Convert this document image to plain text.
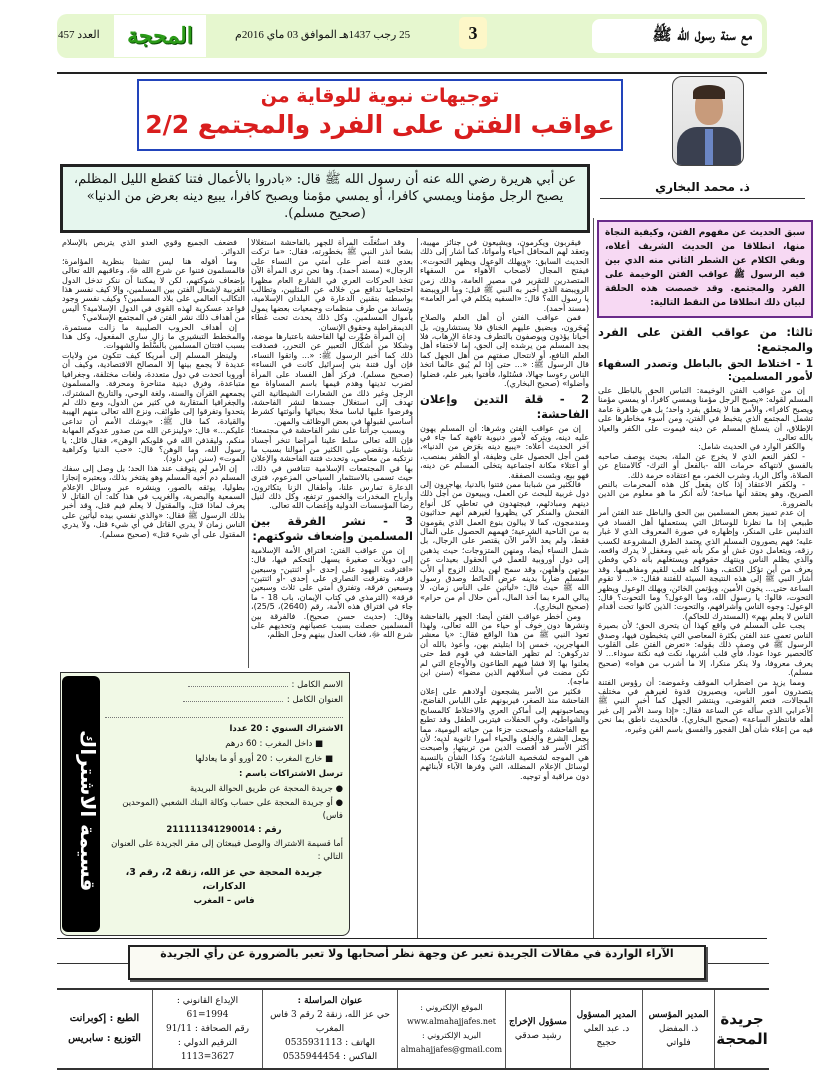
مع سنة رسول الله ﷺ
3
25 رجب 1437هـ الموافق 03 ماي 2016م
المحجة
العدد 457
توجيهات نبوية للوقاية من
عواقب الفتن على الفرد والمجتمع 2/2
ذ. محمد البخاري
عن أبي هريرة رضي الله عنه أن رسول الله ﷺ قال: «بادروا بالأعمال فتنا كقطع الليل المظلم، يصبح الرجل مؤمنا ويمسي كافرا، أو يمسي مؤمنا ويصبح كافرا، يبيع دينه بعرض من الدنيا» (صحيح مسلم).
سبق الحديث عن مفهوم الفتن، وكيفية النجاة منها، انطلاقا من الحديث الشريف أعلاه، وبقي الكلام عن الشطر الثاني منه الذي بين فيه الرسول ﷺ عواقب الفتن الوخيمة على الفرد والمجتمع. وقد خصصت هذه الحلقة لبيان ذلك انطلاقا من النقط التالية:
ثالثا: من عواقب الفتن على الفرد والمجتمع:
1 - اختلاط الحق بالباطل وتصدر السفهاء لأمور المسلمين:

إن من عواقب الفتن الوخيمة: التباس الحق بالباطل على المسلم لقوله: «يصبح الرجل مؤمنا ويمسي كافرا، أو يمسي مؤمنا ويصبح كافرا»، والأمر هنا لا يتعلق بفرد واحد؛ بل هي ظاهرة عامة تشمل المجتمع الذي يتخبط في الفتن، ومن أسوء مخاطرها على الإطلاق، أن ينسلخ المسلم عن دينه فيموت على الكفر والعياذ بالله تعالى.

والكفر الوارد في الحديث شامل:

- لكفر النعم الذي لا يخرج عن الملة، بحيث يوصف صاحبه بالفسق لانتهاكه حرمات الله -بالفعل أو الترك- كالامتناع عن الصلاة، وأكل الربا، وشرب الخمر، مع اعتقاده حرمة ذلك.

- ولكفر الاعتقاد إذا كان يفعل كل هذه المحرمات بالنص الصريح، وهو يعتقد أنها مباحة؛ لأنه أنكر ما هو معلوم من الدين بالضرورة.

إن عدم تمييز بعض المسلمين بين الحق والباطل عند الفتن أمر طبيعي إذا ما نظرنا للوسائل التي يستعملها أهل الفساد في التدليس على المنكر، وإظهاره في صورة المعروف الذي لا غبار عليه؛ فهم يصورون المسلم الذي يعتمد الطرق المشروعة لكسب رزقه، ويتعامل دون غش أو مكر بأنه غبي ومغفل لا يدرك واقعه، والذي يظلم الناس وينتهك حقوقهم ويستغلهم بأنه ذكي وفطن يعرف من أين تؤكل الكتف، وهذا كله قلب للقيم ومفاهيمها. وقد أشار النبي ﷺ إلى هذه النتيجة السيئة للفتنة فقال: «... لا تقوم الساعة حتى... يخون الأمين، ويؤتمن الخائن، ويهلك الوعول ويظهر التحوت، قالوا: يا رسول الله، وما الوعول؟ وما التحوت؟ قال: الوعول: وجوه الناس وأشرافهم، والتحوت: الذين كانوا تحت أقدام الناس لا يعلم بهم» (المستدرك للحاكم).

يجب على المسلم في واقع كهذا أن يتحرى الحق؛ لأن بصيرة الناس تعمى عند الفتن بكثرة المعاصي التي يتخبطون فيها، وصدق الرسول ﷺ في وصف ذلك بقوله: «تعرض الفتن على القلوب كالحصير عودا عودا، فأي قلب أشربها، نكت فيه نكتة سوداء... لا يعرف معروفا، ولا ينكر منكرا، إلا ما أشرب من هواه» (صحيح مسلم).

ومما يزيد من اضطراب الموقف وغموضه: أن رؤوس الفتنة يتصدرون أمور الناس، ويصيرون قدوة لغيرهم في مختلف المجالات، فتعم الفوضى، وينتشر الجهل كما أخبر النبي ﷺ الأعرابي الذي سأله عن الساعة فقال: «إذا وسد الأمر إلى غير أهله فانتظر الساعة» (صحيح البخاري). فالحديث ناطق بما نحن فيه من إعلاء شأن أهل الفجور والفسق باسم الفن وغيره،

فيقربون ويكرمون، ويشيعون في جنائز مهيبة، وتعقد لهم المحافل أحياء وأمواتا، كما أشار إلى ذلك الحديث السابق: «ويهلك الوعول ويظهر التحوت». فيفتح المجال لأصحاب الأهواء من السفهاء المتصدرين للتقرير في مصير العامة، وذلك زمن الرويبضة الذي أخبر به النبي ﷺ قيل: وما الرويبضة يا رسول الله؟ قال: «السفيه يتكلم في أمر العامة» (مسند أحمد).

فمن عواقب الفتن أن أهل العلم والصلاح يُهجَرون، ويضيق عليهم الخناق فلا يستشارون، بل أحيانا يؤذون ويوصفون بالتطرف ودعاة الإرهاب، فلا يجد المسلم من يرشده إلى الحق، إما لاختفاء أهل العلم النافع، أو لانتحال صفتهم من أهل الجهل كما قال الرسول ﷺ: «... حتى إذا لم يُبق عالما اتخذ الناس رءوسا جهالا، فسُئلوا، فأفتوا بغير علم، فضلوا وأضلوا» (صحيح البخاري).

2 - قلة التدين وإعلان الفاحشة:

إن من عواقب الفتن وشرها: أن المسلم يهون عليه دينه، ويتركه لأمور دنيوية تافهة كما جاء في آخر الحديث أعلاه: «يبيع دينه بعَرَض من الدنيا»، فمن أجل الحصول على وظيفة، أو الظفر بمنصب، أو اعتلاء مكانة اجتماعية يتخلى المسلم عن دينه، فهو بيع، وبئست الصفقة.

فالكثير من شبابنا ممن فتنوا بالدنيا، يهاجرون إلى دول غربية للبحث عن العمل، ويبيعون من أجل ذلك دينهم ومبادئهم، فيجتهدون في تعاطي كل أنواع الفحش والمنكر كي يظهروا لغيرهم أنهم حداثيون ومندمجون، كما لا يبالون بنوع العمل الذي يقومون به من الناحية الشرعية؛ فهمهم الحصول على المال فقط، ولم يعد الأمر الآن يقتصر على الرجال، بل شمل النساء أيضا، ومنهن المتزوجات؛ حيث يذهبن إلى دول أوروبية للعمل في الحقول بعيدات عن بيوتهن وأهلهن، وقد سمح لهن بذلك الزوج أو الأب المسلم ضاربا بدينه عرض الحائط وصدق رسول الله ﷺ حيث قال: «ليأتين على الناس زمان، لا يبالي المرء بما أخذ المال، أمن حلال أم من حرام» (صحيح البخاري).

ومن أخطر عواقب الفتن أيضا: الجهر بالفاحشة ونشرها دون خوف أو حياء من الله تعالى، ولهذا تعوذ النبي ﷺ من هذا الواقع فقال: «يا معشر المهاجرين، خمس إذا ابتليتم بهن، وأعوذ بالله أن تدركوهن: لم تظهر الفاحشة في قوم قط حتى يعلنوا بها إلا فشا فيهم الطاعون والأوجاع التي لم تكن مضت في أسلافهم الذين مضوا» (سنن ابن ماجه).

فكثير من الأسر يشجعون أولادهم على إعلان الفاحشة منذ الصغر، فيربونهم على اللباس الفاضح، ويصاحبونهم إلى أماكن العري والاختلاط كالمسابح والشواطئ، وفي الحفلات فيتربى الطفل وقد تطبع مع الفاحشة، وأصبحت جزءا من حياته اليومية، مما يجعل الشرع والخلق والحياء أمورا ثانوية لديه؛ لأن أكثر الأسر قد أقصت الدين من تربيتها، وأصبحت هي الموجه لشخصية الناشئ؛ وكذا الشأن بالنسبة لوسائل الإعلام المضللة، التي وفرها الآباء لأبنائهم دون مراقبة أو توجيه.

وقد استُغلّت المرأة للجهر بالفاحشة استغلالا بشعا أنذر النبي ﷺ بخطورته، فقال: «ما تركت بعدي فتنة أضر على أمتي من النساء على الرجال» (مسند أحمد). وها نحن نرى المرأة الآن تتخذ الحركات العري في الشارع العام مظهرا احتجاجيا تدافع من خلاله عن المثليين، وتطالب بواسطته بتقنين الدعارة في البلدان الإسلامية، وتساند من طرف منظمات وجمعيات بعضها يمول بأموال المسلمين. وكل ذلك يحدث تحت غطاء الديمقراطية وحقوق الإنسان.

إن المرأة صُوِّرت لها الفاحشة باعتبارها موضة، وشكلا من أشكال التعبير عن التحرر، فصدقت ذلك كما أخبر الرسول ﷺ: «... واتقوا النساء، فإن أول فتنة بني إسرائيل كانت في النساء» (صحيح مسلم). فركز أهل الفساد على المرأة لضرب تدينها وهدم قيمها باسم المساواة مع الرجل وغير ذلك من الشعارات الشيطانية التي تهدف إلى استغلال جسدها لنشر الفاحشة، وفرضوا عليها لباسا مخلا بحيائها وأنوثتها كشرط أساسي لقبولها في بعض الوظائف والمهن.

وبسبب جرأتنا على نشر الفاحشة في مجتمعنا؛ فإن الله تعالى سلط علينا أمراضا تنخر أجساد شبابنا، وتقضي على الكثير من أموالنا بسبب ما نرتكبه من معاصي، وتحدث فتنة الفاحشة والإعلان بها في المجتمعات الإسلامية تتنافس في ذلك، حيث تسمى بالاستثمار السياحي المزعوم، فترى الدعارة تمارس علنا، وأطفال الزنا يتكاثرون، وأرباح المخدرات والخمور ترتفع، وكل ذلك لنيل رضا المؤسسات الدولية وإغضاب الله تعالى.

3 - نشر الفرقة بين المسلمين وإضعاف شوكتهم:

إن من عواقب الفتن: افتراق الأمة الإسلامية إلى دويلات صغيرة يسهل التحكم فيها، قال: «افترقت اليهود على إحدى -أو اثنتين- وسبعين فرقة، وتفرقت النصارى على إحدى -أو اثنتين- وسبعين فرقة، وتفترق أمتي على ثلاث وسبعين فرقة» (الترمذي في كتاب الإيمان، باب 18 - ما جاء في افتراق هذه الأمة، رقم (2640)، 25/5)، وقال: (حديث حسن صحيح). فالفرقة بين المسلمين حصلت بسبب عصيانهم وتحديهم على شرع الله ﷻ، فغاب العدل بينهم وحل الظلم،

فضعف الجميع وقوي العدو الذي يتربص بالإسلام الدوائر.

وما أقوله هنا ليس تشبثا بنظرية المؤامرة؛ فالمسلمون فتنوا عن شرع الله ﷻ، وعاقبهم الله تعالى بإضعاف شوكتهم، لكن لا يمكننا أن ننكر تدخل الدول الغربية لإشعال الفتن بين المسلمين، وإلا كيف نفسر هذا التكالب العالمي على بلاد المسلمين؟ وكيف نفسر وجود قواعد عسكرية لهذه القوى في الدول الإسلامية؟ أليس من أهداف ذلك نشر الفتن في المجتمع الإسلامي؟

إن أهداف الحروب الصليبية ما زالت مستمرة، والمخطط التبشيري ما زال ساري المفعول، وكل هذا بسبب افتتان المسلمين بالسُّلَط والشهوات.

ولينظر المسلم إلى أمريكا كيف تتكون من ولايات عديدة لا يجمع بينها إلا المصالح الاقتصادية، وكيف أن أوروبا اتحدت في دول متعددة، ولغات مختلفة، وجغرافيا متباعدة، وفرق دينية متناحرة ومحرفة. والمسلمون يجمعهم القرآن والسنة، ولغة الوحي، والتاريخ المشترك، والجغرافيا المتقاربة في كثير من الدول، ومع ذلك لم يتحدوا وتفرقوا إلى طوائف، ونزع الله تعالى منهم الهيبة والقيادة، كما قال ﷺ: «يوشك الأمم أن تداعى عليكم...» قال: «ولينزعن الله من صدور عدوكم المهابة منكم، وليقذفن الله في قلوبكم الوهن»، فقال قائل: يا رسول الله، وما الوهن؟ قال: «حب الدنيا وكراهية الموت» (سنن أبي داود).

إن الأمر لم يتوقف عند هذا الحد؛ بل وصل إلى سفك المسلم دم أخيه المسلم وهو يفتخر بذلك، ويعتبره إنجازا بطوليا، يوثقه بالصور، وينشره عبر وسائل الإعلام السمعية والبصرية، والغريب في هذا كله: أن القاتل لا يعرف لماذا قتل، والمقتول لا يعلم فيم قتل، وقد أخبر بذلك الرسول ﷺ فقال: «والذي نفسي بيده ليأتين على الناس زمان لا يدري القاتل في أي شيء قتل، ولا يدري المقتول على أي شيء قتل» (صحيح مسلم).

قسيمة الاشتراك
الاسم الكامل :
العنوان الكامل :
الاشتراك السنوي : 20 عددا
■ داخل المغرب : 60 درهم
■ خارج المغرب : 20 أورو أو ما يعادلها
ترسل الاشتراكات باسم :
● جريدة المحجة عن طريق الحوالة البريدية
● أو جريدة المحجة على حساب وكالة البنك الشعبي (الموحدين فاس)
رقم : 211111341290014
أما قسيمة الاشتراك والوصل فيبعثان إلى مقر الجريدة على العنوان التالي :
جريدة المحجة حي عز الله، زنقة 2، رقم 3، الدكارات،
فاس – المغرب
الآراء الواردة في مقالات الجريدة تعبر عن وجهة نظر أصحابها ولا تعبر بالضرورة عن رأي الجريدة
جريدة المحجة
المدير المؤسس
ذ. المفضل فلواتي
المدير المسؤول
د. عبد العلي حجيج
مسؤول الإخراج
رشيد صدقي
الموقع الإلكتروني :
www.almahajjafes.net
البريد الإلكتروني :
almahajjafes@gmail.com
عنوان المراسلة :
حي عز الله، زنقة 2 رقم 3 فاس المغرب
الهاتف : 0535931113
الفاكس : 0535944454
الإيداع القانوني : 1994=61
رقم الصحافة : 91/11
الترقيم الدولي : 3627=1113
الطبع : إكوبرانت
التوزيع : سابريس
